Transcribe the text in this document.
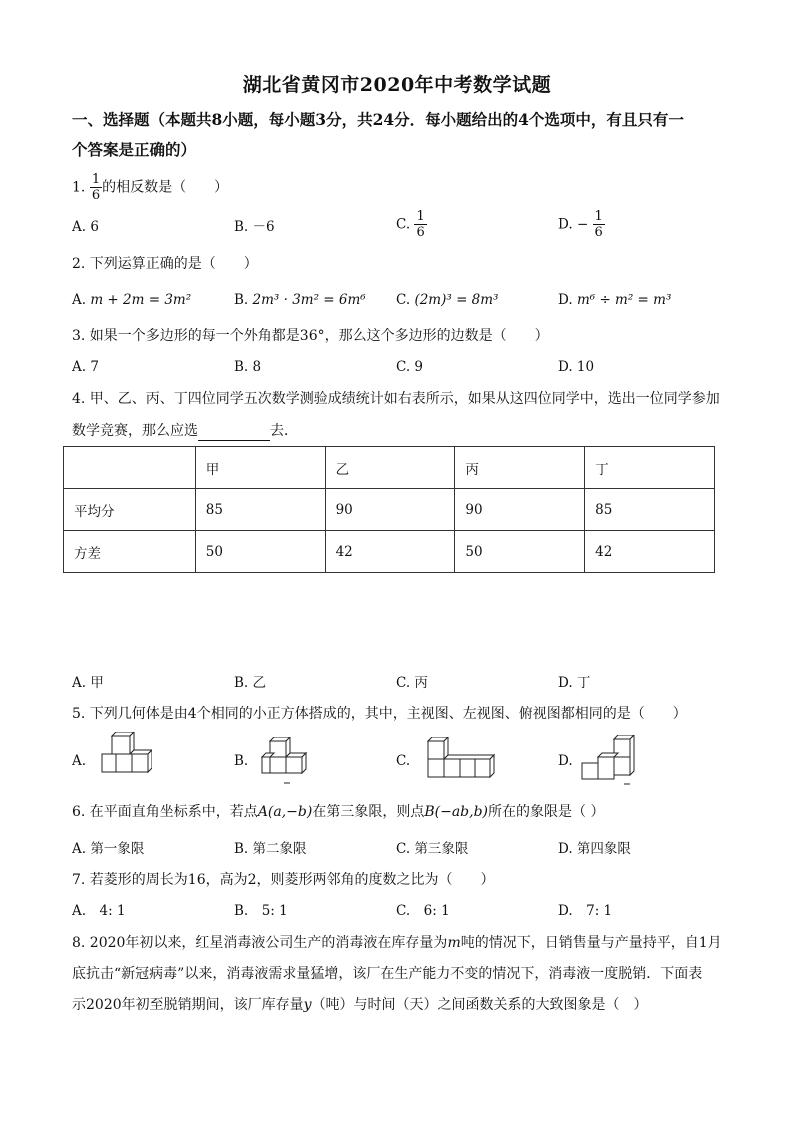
湖北省黄冈市2020年中考数学试题
一、选择题（本题共8小题，每小题3分，共24分．每小题给出的4个选项中，有且只有一
个答案是正确的）
1. $\frac{1}{6}$ 的相反数是（　　）
A. 6	B. －6	C. $\frac{1}{6}$	D. − $\frac{1}{6}$
2. 下列运算正确的是（　　）
A. m + 2m = 3m²	B. 2m³ · 3m² = 6m⁶ C. (2m)³ = 8m³	D. m⁶ ÷ m² = m³
3. 如果一个多边形的每一个外角都是36°，那么这个多边形的边数是（　　）
A. 7	B. 8	C. 9	D. 10
4. 甲、乙、丙、丁四位同学五次数学测验成绩统计如右表所示，如果从这四位同学中，选出一位同学参加
数学竞赛，那么应选	去．
	甲	乙	丙	丁
平均分	85	90	90	85
方差	50	42	50	42
A. 甲	B. 乙	C. 丙	D. 丁
5. 下列几何体是由4个相同的小正方体搭成的，其中，主视图、左视图、俯视图都相同的是（　　）
A.	B.	C.	D.
6. 在平面直角坐标系中，若点A(a,−b)在第三象限，则点B(−ab,b)所在的象限是（ ）
A. 第一象限	B. 第二象限	C. 第三象限	D. 第四象限
7. 若菱形的周长为16，高为2，则菱形两邻角的度数之比为（　　）
A.　4: 1	B.　5: 1	C.　6: 1	D.　7: 1
8. 2020年初以来，红星消毒液公司生产的消毒液在库存量为m吨的情况下，日销售量与产量持平，自1月
底抗击“新冠病毒”以来，消毒液需求量猛增，该厂在生产能力不变的情况下，消毒液一度脱销．下面表
示2020年初至脱销期间，该厂库存量y（吨）与时间（天）之间函数关系的大致图象是（　）
